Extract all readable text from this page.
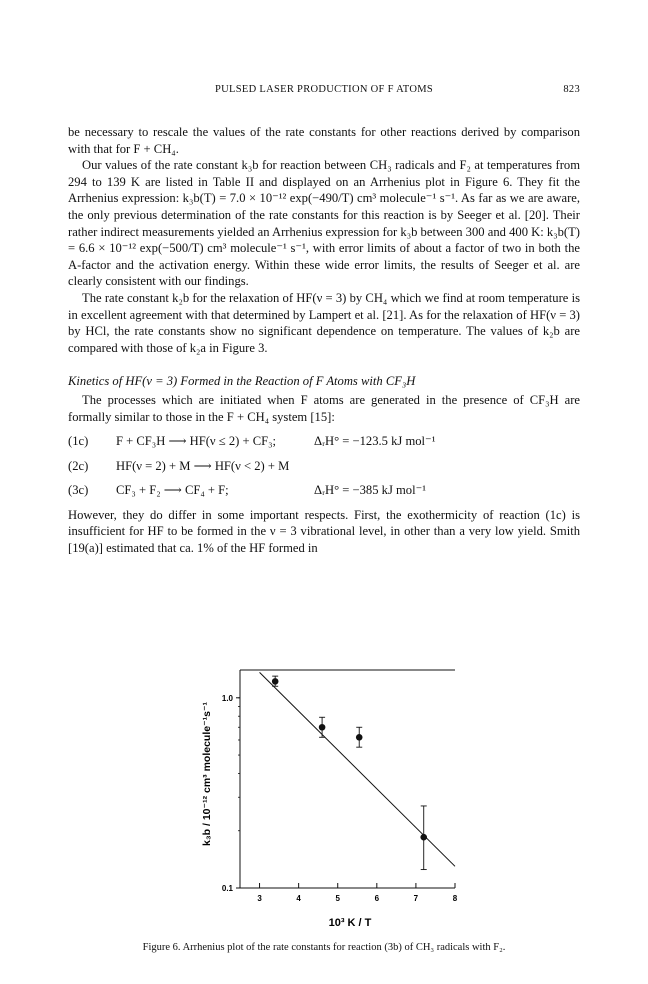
PULSED LASER PRODUCTION OF F ATOMS	823

be necessary to rescale the values of the rate constants for other reactions derived by comparison with that for F + CH₄.

Our values of the rate constant k₃b for reaction between CH₃ radicals and F₂ at temperatures from 294 to 139 K are listed in Table II and displayed on an Arrhenius plot in Figure 6. They fit the Arrhenius expression: k₃b(T) = 7.0 × 10⁻¹² exp(−490/T) cm³ molecule⁻¹ s⁻¹. As far as we are aware, the only previous determination of the rate constants for this reaction is by Seeger et al. [20]. Their rather indirect measurements yielded an Arrhenius expression for k₃b between 300 and 400 K: k₃b(T) = 6.6 × 10⁻¹² exp(−500/T) cm³ molecule⁻¹ s⁻¹, with error limits of about a factor of two in both the A-factor and the activation energy. Within these wide error limits, the results of Seeger et al. are clearly consistent with our findings.

The rate constant k₂b for the relaxation of HF(ν = 3) by CH₄ which we find at room temperature is in excellent agreement with that determined by Lampert et al. [21]. As for the relaxation of HF(ν = 3) by HCl, the rate constants show no significant dependence on temperature. The values of k₂b are compared with those of k₂a in Figure 3.

Kinetics of HF(ν = 3) Formed in the Reaction of F Atoms with CF₃H

The processes which are initiated when F atoms are generated in the presence of CF₃H are formally similar to those in the F + CH₄ system [15]:

(1c) F + CF₃H ⟶ HF(ν ≤ 2) + CF₃;	ΔᵣH° = −123.5 kJ mol⁻¹
(2c) HF(ν = 2) + M ⟶ HF(ν < 2) + M
(3c) CF₃ + F₂ ⟶ CF₄ + F;	ΔᵣH° = −385 kJ mol⁻¹

However, they do differ in some important respects. First, the exothermicity of reaction (1c) is insufficient for HF to be formed in the ν = 3 vibrational level, in other than a very low yield. Smith [19(a)] estimated that ca. 1% of the HF formed in

3	4	5	6	7	8
0.1
1.0
10³ K / T
k₃b / 10⁻¹² cm³ molecule⁻¹s⁻¹
Figure 6. Arrhenius plot of the rate constants for reaction (3b) of CH₃ radicals with F₂.
